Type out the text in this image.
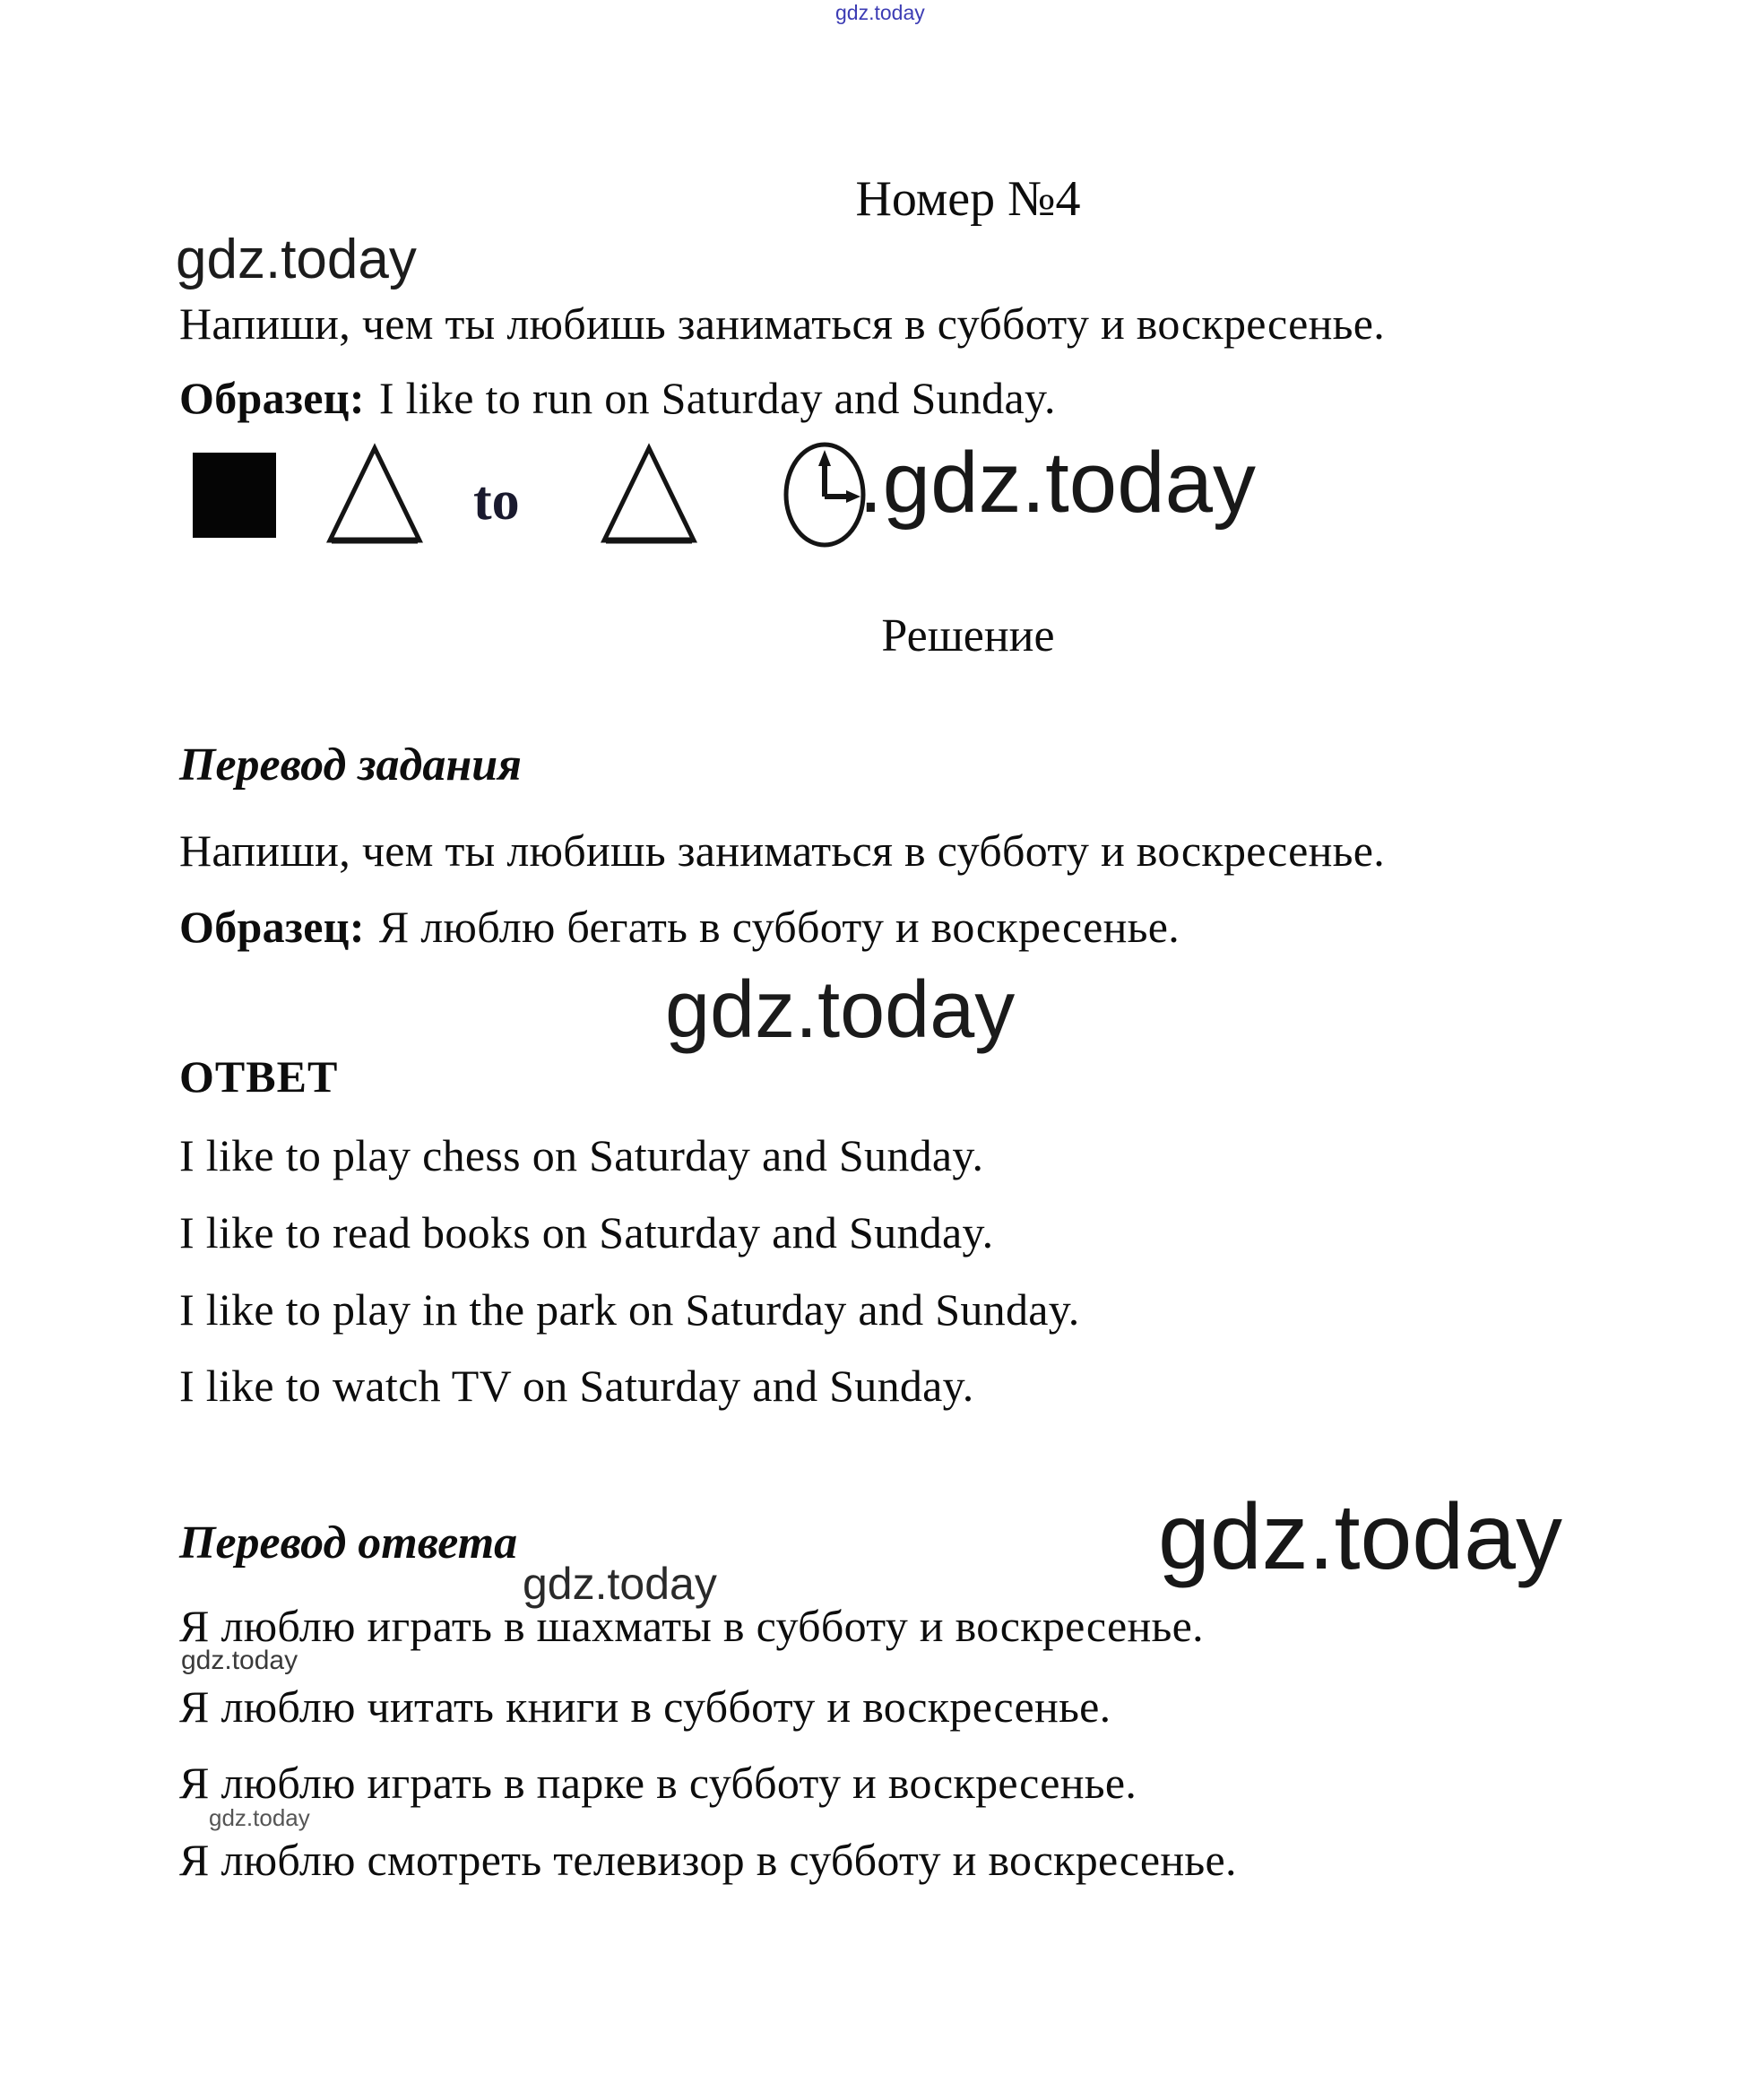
gdz.today
Номер №4
gdz.today
Напиши, чем ты любишь заниматься в субботу и воскресенье.
Образец: I like to run on Saturday and Sunday.
to	.gdz.today
Решение
Перевод задания
Напиши, чем ты любишь заниматься в субботу и воскресенье.
Образец: Я люблю бегать в субботу и воскресенье.
gdz.today
ОТВЕТ
I like to play chess on Saturday and Sunday.
I like to read books on Saturday and Sunday.
I like to play in the park on Saturday and Sunday.
I like to watch TV on Saturday and Sunday.
Перевод ответа	gdz.today
gdz.today
Я люблю играть в шахматы в субботу и воскресенье.
gdz.today
Я люблю читать книги в субботу и воскресенье.
Я люблю играть в парке в субботу и воскресенье.
gdz.today
Я люблю смотреть телевизор в субботу и воскресенье.
